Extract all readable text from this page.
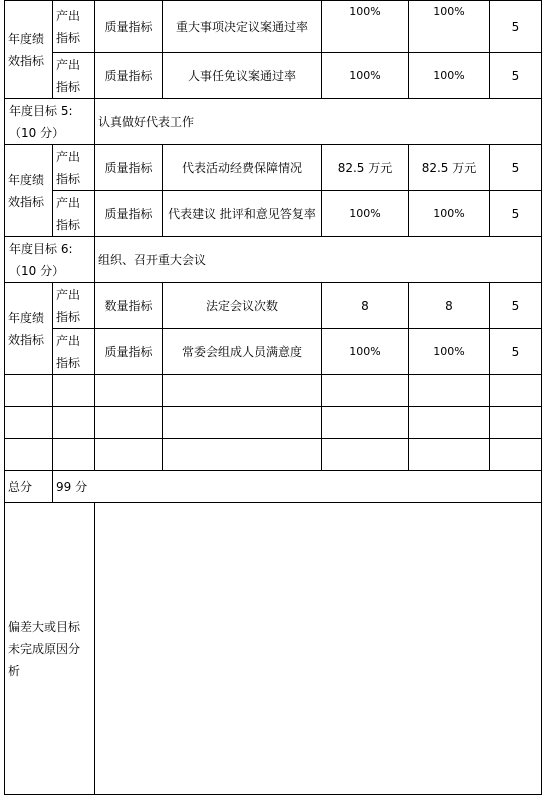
年度绩效指标	产出指标	质量指标	重大事项决定议案通过率	100%	100%	5
	产出指标	质量指标	人事任免议案通过率	100%	100%	5

年度目标 5:
（10 分）		认真做好代表工作				
年度绩效指标	产出指标	质量指标	代表活动经费保障情况	82.5 万元	82.5 万元	5
	产出指标	质量指标	代表建议 批评和意见答复率	100%	100%	5

年度目标 6:
（10 分）		组织、召开重大会议				
年度绩效指标	产出指标	数量指标	法定会议次数	8	8	5
	产出指标	质量指标	常委会组成人员满意度	100%	100%	5

总分	99 分					
偏差大或目标未完成原因分析						
